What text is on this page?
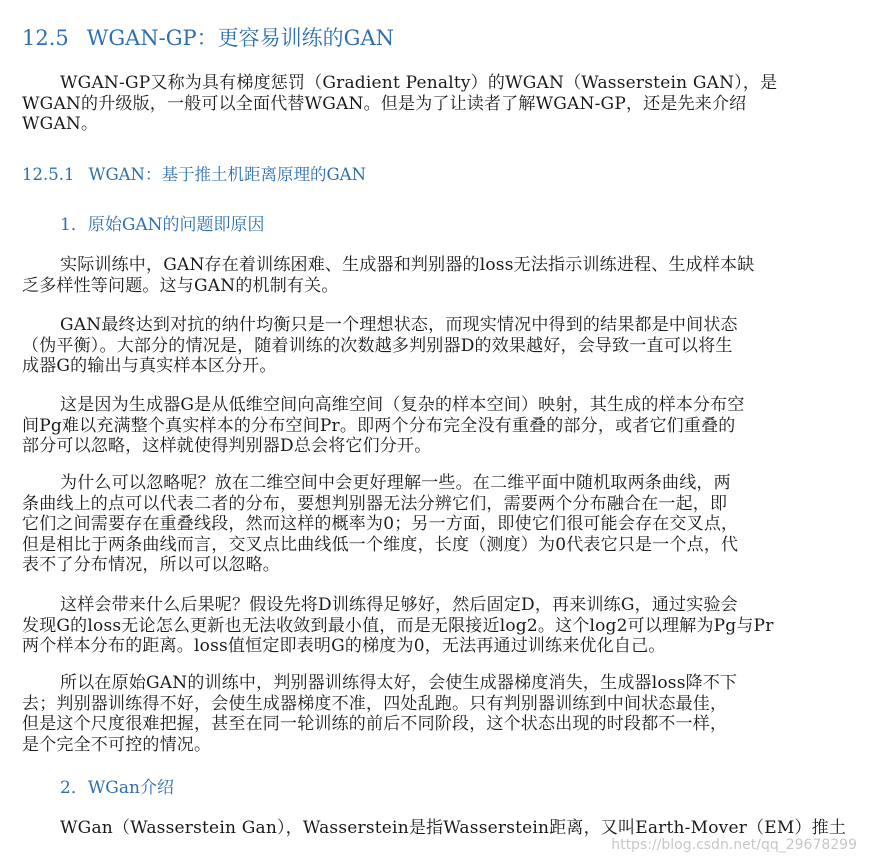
12.5 WGAN-GP：更容易训练的GAN
WGAN-GP又称为具有梯度惩罚（Gradient Penalty）的WGAN（Wasserstein GAN），是
WGAN的升级版，一般可以全面代替WGAN。但是为了让读者了解WGAN-GP，还是先来介绍
WGAN。
12.5.1 WGAN：基于推土机距离原理的GAN
1．原始GAN的问题即原因
实际训练中，GAN存在着训练困难、生成器和判别器的loss无法指示训练进程、生成样本缺
乏多样性等问题。这与GAN的机制有关。
GAN最终达到对抗的纳什均衡只是一个理想状态，而现实情况中得到的结果都是中间状态
（伪平衡）。大部分的情况是，随着训练的次数越多判别器D的效果越好，会导致一直可以将生
成器G的输出与真实样本区分开。
这是因为生成器G是从低维空间向高维空间（复杂的样本空间）映射，其生成的样本分布空
间Pg难以充满整个真实样本的分布空间Pr。即两个分布完全没有重叠的部分，或者它们重叠的
部分可以忽略，这样就使得判别器D总会将它们分开。
为什么可以忽略呢？放在二维空间中会更好理解一些。在二维平面中随机取两条曲线，两
条曲线上的点可以代表二者的分布，要想判别器无法分辨它们，需要两个分布融合在一起，即
它们之间需要存在重叠线段，然而这样的概率为0；另一方面，即使它们很可能会存在交叉点，
但是相比于两条曲线而言，交叉点比曲线低一个维度，长度（测度）为0代表它只是一个点，代
表不了分布情况，所以可以忽略。
这样会带来什么后果呢？假设先将D训练得足够好，然后固定D，再来训练G，通过实验会
发现G的loss无论怎么更新也无法收敛到最小值，而是无限接近log2。这个log2可以理解为Pg与Pr
两个样本分布的距离。loss值恒定即表明G的梯度为0，无法再通过训练来优化自己。
所以在原始GAN的训练中，判别器训练得太好，会使生成器梯度消失，生成器loss降不下
去；判别器训练得不好，会使生成器梯度不准，四处乱跑。只有判别器训练到中间状态最佳，
但是这个尺度很难把握，甚至在同一轮训练的前后不同阶段，这个状态出现的时段都不一样，
是个完全不可控的情况。
2．WGan介绍
WGan（Wasserstein Gan），Wasserstein是指Wasserstein距离，又叫Earth-Mover（EM）推土
https://blog.csdn.net/qq_29678299
